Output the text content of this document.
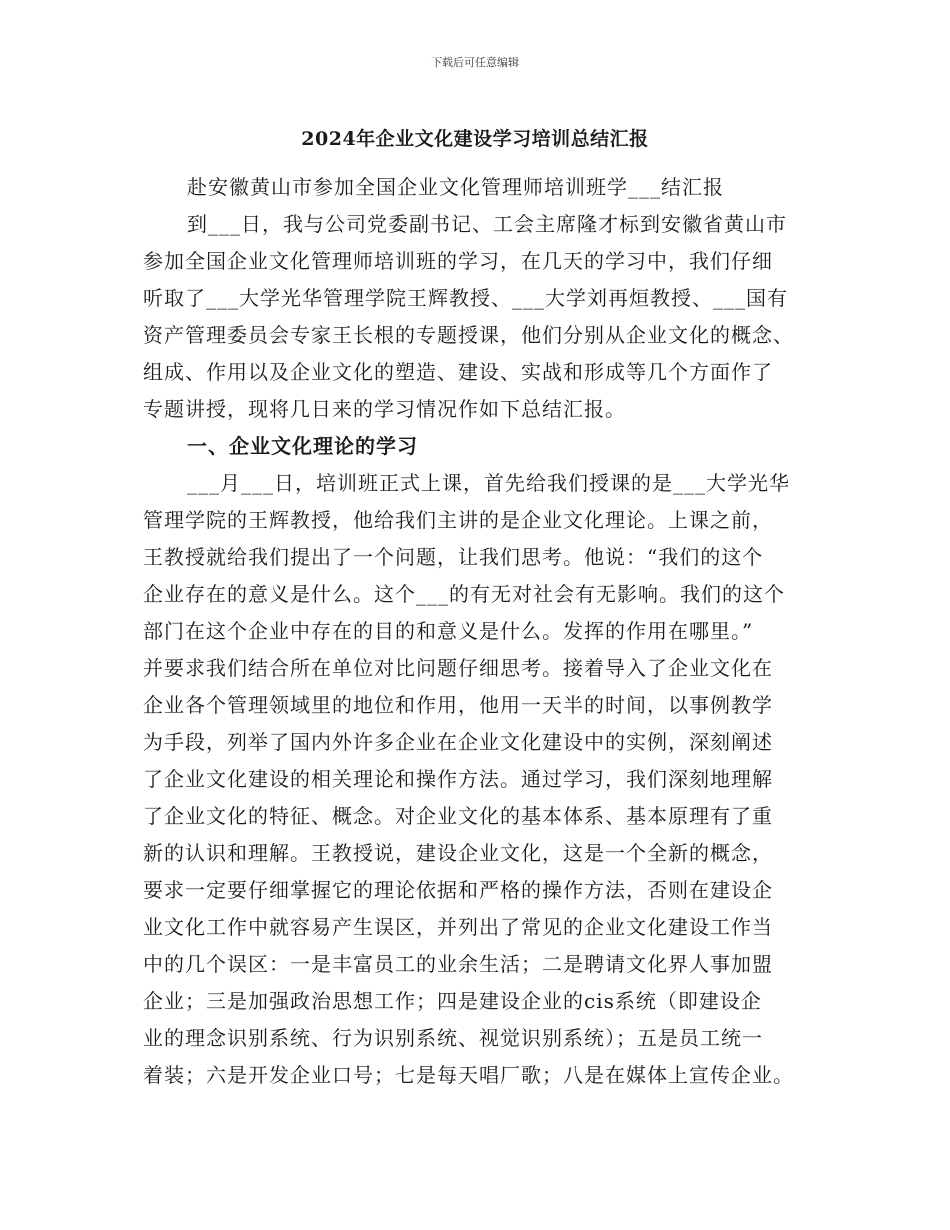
下载后可任意编辑
2024年企业文化建设学习培训总结汇报
赴安徽黄山市参加全国企业文化管理师培训班学___结汇报
到___日，我与公司党委副书记、工会主席隆才标到安徽省黄山市
参加全国企业文化管理师培训班的学习，在几天的学习中，我们仔细
听取了___大学光华管理学院王辉教授、___大学刘再烜教授、___国有
资产管理委员会专家王长根的专题授课，他们分别从企业文化的概念、
组成、作用以及企业文化的塑造、建设、实战和形成等几个方面作了
专题讲授，现将几日来的学习情况作如下总结汇报。
一、企业文化理论的学习
___月___日，培训班正式上课，首先给我们授课的是___大学光华
管理学院的王辉教授，他给我们主讲的是企业文化理论。上课之前，
王教授就给我们提出了一个问题，让我们思考。他说：“我们的这个
企业存在的意义是什么。这个___的有无对社会有无影响。我们的这个
部门在这个企业中存在的目的和意义是什么。发挥的作用在哪里。”
并要求我们结合所在单位对比问题仔细思考。接着导入了企业文化在
企业各个管理领域里的地位和作用，他用一天半的时间，以事例教学
为手段，列举了国内外许多企业在企业文化建设中的实例，深刻阐述
了企业文化建设的相关理论和操作方法。通过学习，我们深刻地理解
了企业文化的特征、概念。对企业文化的基本体系、基本原理有了重
新的认识和理解。王教授说，建设企业文化，这是一个全新的概念，
要求一定要仔细掌握它的理论依据和严格的操作方法，否则在建设企
业文化工作中就容易产生误区，并列出了常见的企业文化建设工作当
中的几个误区：一是丰富员工的业余生活；二是聘请文化界人事加盟
企业；三是加强政治思想工作；四是建设企业的cis系统（即建设企
业的理念识别系统、行为识别系统、视觉识别系统）；五是员工统一
着装；六是开发企业口号；七是每天唱厂歌；八是在媒体上宣传企业。
